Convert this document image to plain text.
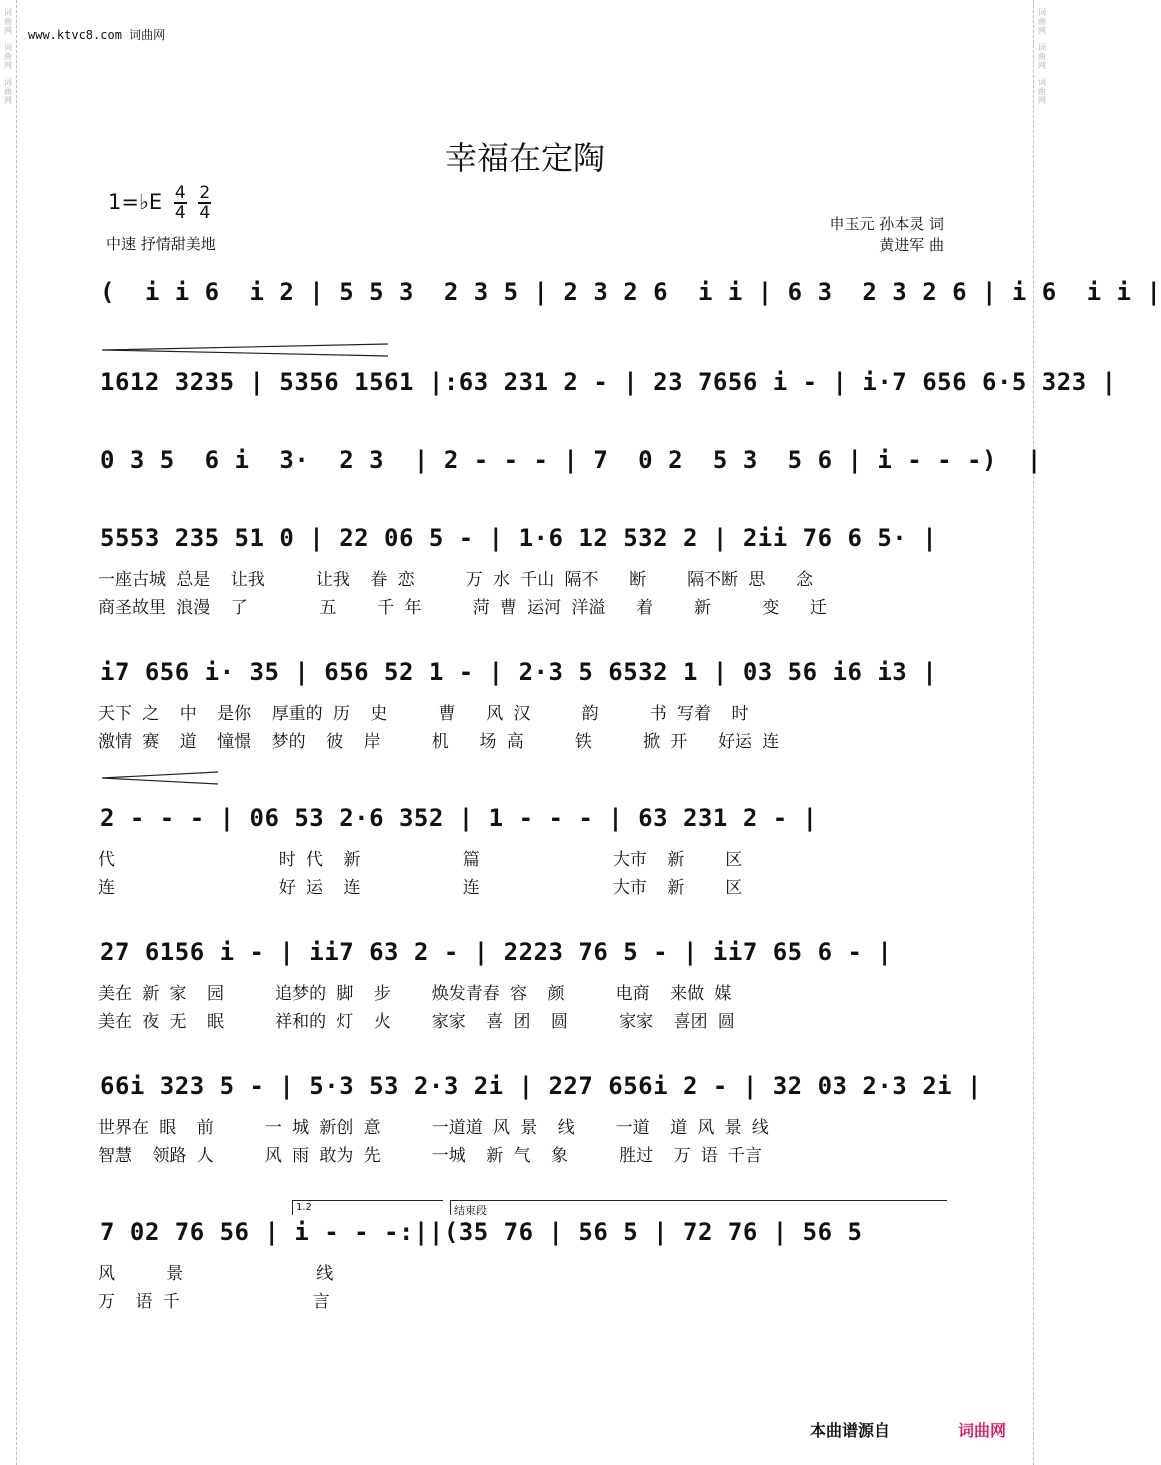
词曲网
词曲网
词曲网
词曲网
词曲网
词曲网
www.ktvc8.com 词曲网
幸福在定陶
1=♭E $\frac{4}{4}$
$\frac{2}{4}$
中速 抒情甜美地
申玉元 孙本灵 词
黄进军 曲
(  i i 6  i 2 | 5 5 3  2 3 5 | 2 3 2 6  i i | 6 3  2 3 2 6 | i 6  i i |
1612 3235 | 5356 1561 |:63 231 2 - | 23 7656 i - | i·7 656 6·5 323 |
0 3 5  6 i  3·  2 3  | 2 - - - | 7  0 2  5 3  5 6 | i - - -)  |
5553 235 51 0 | 22 06 5 - | 1·6 12 532 2 | 2ii 76 6 5· |
一座古城 总是  让我     让我  眷 恋     万 水 千山 隔不   断    隔不断 思   念
商圣故里 浪漫  了       五    千 年     菏 曹 运河 洋溢   着    新     变   迁
i7 656 i· 35 | 656 52 1 - | 2·3 5 6532 1 | 03 56 i6 i3 |
天下 之  中  是你  厚重的 历  史     曹   风 汉     韵     书 写着  时
激情 赛  道  憧憬  梦的  彼  岸     机   场 高     铁     掀 开   好运 连
2 - - - | 06 53 2·6 352 | 1 - - - | 63 231 2 - |
代                时 代  新          篇             大市  新    区
连                好 运  连          连             大市  新    区
27 6156 i - | ii7 63 2 - | 2223 76 5 - | ii7 65 6 - |
美在 新 家  园     追梦的 脚  步    焕发青春 容  颜     电商  来做 媒
美在 夜 无  眠     祥和的 灯  火    家家  喜 团  圆     家家  喜团 圆
66i 323 5 - | 5·3 53 2·3 2i | 227 656i 2 - | 32 03 2·3 2i |
世界在 眼  前     一 城 新创 意     一道道 风 景  线    一道  道 风 景 线
智慧  领路 人     风 雨 敢为 先     一城  新 气  象     胜过  万 语 千言
1.2	结束段
7 02 76 56 | i - - -:||(35 76 | 56 5 | 72 76 | 56 5
风     景             线
万  语 千             言
本曲谱源自	词曲网
